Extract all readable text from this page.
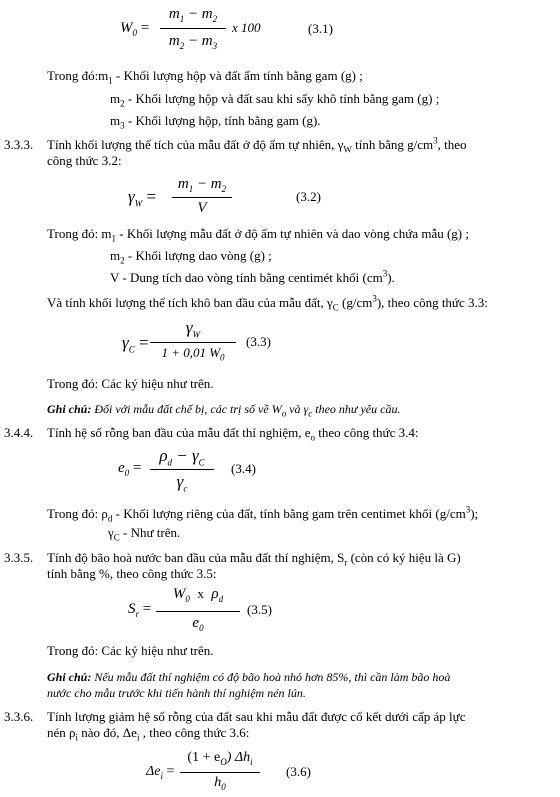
$W_0$ =
$m_1 - m_2$
$m_2 - m_3$
x 100	(3.1)
Trong $đó:m_1$ - Khối lượng hộp và đất ẩm tính bằng gam (g) ;
$m_2$ - Khối lượng hộp và đất sau khi sấy khô tính bằng gam (g) ;
$m_3$ - Khối lượng hộp, tính bằng gam (g).
3.3.3. Tính khối lượng thể tích của mẫu đất ở độ ẩm tự nhiên, $\gamma_W$ tính bằng $g/cm^3$, theo
công thức 3.2:
$\gamma_W$ =
$m_1 - m_2$
V
(3.2)
Trong đó: $m_1$ - Khối lượng mẫu đất ở độ ẩm tự nhiên và dao vòng chứa mẫu (g) ;
$m_2$ - Khối lượng dao vòng (g) ;
V - Dung tích dao vòng tính bằng centimét khối $(cm^3)$.
Và tính khối lượng thể tích khô ban đầu của mẫu đất, $\gamma_C$ $(g/cm^3)$, theo công thức 3.3:
$\gamma_C$ =
$\gamma_W$
1 + 0,01 $W_0$
(3.3)
Trong đó: Các ký hiệu như trên.
Ghi chú: Đối với mẫu đất chế bị, các trị số về $W_o$ và $\gamma_c$ theo như yêu cầu.
3.4.4. Tính hệ số rỗng ban đầu của mẫu đất thí nghiệm, $e_o$ theo công thức 3.4:
$e_0$ =
$\rho_d - \gamma_C$
$\gamma_c$
(3.4)
Trong đó: $\rho_d$ - Khối lượng riêng của đất, tính bằng gam trên centimet khối $(g/cm^3)$;
$\gamma_C$ - Như trên.
3.3.5. Tính độ bão hoà nước ban đầu của mẫu đất thí nghiệm, $S_r$ (còn có ký hiệu là G)
tính bằng %, theo công thức 3.5:
$S_r$ =
$W_0$ x $\rho_d$
$e_0$
(3.5)
Trong đó: Các ký hiệu như trên.
Ghi chú: Nếu mẫu đất thí nghiệm có độ bão hoà nhỏ hơn 85%, thì cần làm bão hoà
nước cho mẫu trước khi tiến hành thí nghiệm nén lún.
3.3.6. Tính lượng giảm hệ số rỗng của đất sau khi mẫu đất được cố kết dưới cấp áp lực
nén $\rho_i$ nào đó, $\Delta e_i$ , theo công thức 3.6:
$\Delta e_i$ =
$(1 + e_O)$ $\Delta h_i$
$h_0$
(3.6)
